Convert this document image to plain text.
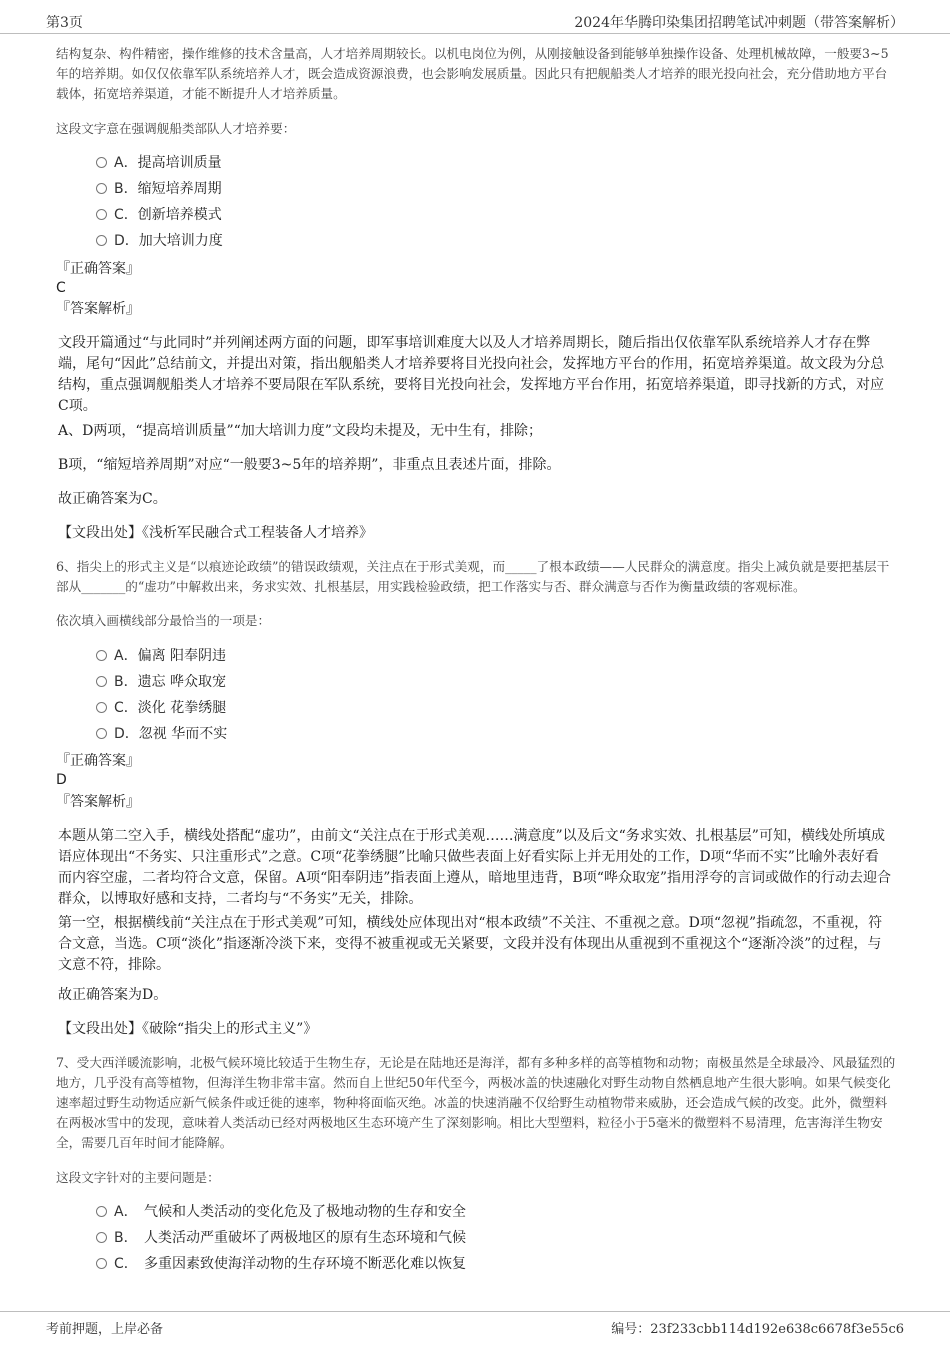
第3页	2024年华腾印染集团招聘笔试冲刺题（带答案解析）
结构复杂、构件精密，操作维修的技术含量高，人才培养周期较长。以机电岗位为例，从刚接触设备到能够单独操作设备、处理机械故障，一般要3~5年的培养期。如仅仅依靠军队系统培养人才，既会造成资源浪费，也会影响发展质量。因此只有把舰船类人才培养的眼光投向社会，充分借助地方平台载体，拓宽培养渠道，才能不断提升人才培养质量。
这段文字意在强调舰船类部队人才培养要：
A．提高培训质量
B．缩短培养周期
C．创新培养模式
D．加大培训力度
『正确答案』
C
『答案解析』
文段开篇通过“与此同时”并列阐述两方面的问题，即军事培训难度大以及人才培养周期长，随后指出仅依靠军队系统培养人才存在弊端，尾句“因此”总结前文，并提出对策，指出舰船类人才培养要将目光投向社会，发挥地方平台的作用，拓宽培养渠道。故文段为分总结构，重点强调舰船类人才培养不要局限在军队系统，要将目光投向社会，发挥地方平台作用，拓宽培养渠道，即寻找新的方式，对应C项。
A、D两项，“提高培训质量”“加大培训力度”文段均未提及，无中生有，排除；
B项，“缩短培养周期”对应“一般要3~5年的培养期”，非重点且表述片面，排除。
故正确答案为C。
【文段出处】《浅析军民融合式工程装备人才培养》
6、指尖上的形式主义是“以痕迹论政绩”的错误政绩观，关注点在于形式美观，而_____了根本政绩——人民群众的满意度。指尖上减负就是要把基层干部从_______的“虚功”中解救出来，务求实效、扎根基层，用实践检验政绩，把工作落实与否、群众满意与否作为衡量政绩的客观标准。
依次填入画横线部分最恰当的一项是：
A．偏离 阳奉阴违
B．遗忘 哗众取宠
C．淡化 花拳绣腿
D．忽视 华而不实
『正确答案』
D
『答案解析』
本题从第二空入手，横线处搭配“虚功”，由前文“关注点在于形式美观……满意度”以及后文“务求实效、扎根基层”可知，横线处所填成语应体现出“不务实、只注重形式”之意。C项“花拳绣腿”比喻只做些表面上好看实际上并无用处的工作，D项“华而不实”比喻外表好看而内容空虚，二者均符合文意，保留。A项“阳奉阴违”指表面上遵从，暗地里违背，B项“哗众取宠”指用浮夸的言词或做作的行动去迎合群众，以博取好感和支持，二者均与“不务实”无关，排除。
第一空，根据横线前“关注点在于形式美观”可知，横线处应体现出对“根本政绩”不关注、不重视之意。D项“忽视”指疏忽，不重视，符合文意，当选。C项“淡化”指逐渐冷淡下来，变得不被重视或无关紧要，文段并没有体现出从重视到不重视这个“逐渐冷淡”的过程，与文意不符，排除。
故正确答案为D。
【文段出处】《破除“指尖上的形式主义”》
7、受大西洋暖流影响，北极气候环境比较适于生物生存，无论是在陆地还是海洋，都有多种多样的高等植物和动物；南极虽然是全球最冷、风最猛烈的地方，几乎没有高等植物，但海洋生物非常丰富。然而自上世纪50年代至今，两极冰盖的快速融化对野生动物自然栖息地产生很大影响。如果气候变化速率超过野生动物适应新气候条件或迁徙的速率，物种将面临灭绝。冰盖的快速消融不仅给野生动植物带来威胁，还会造成气候的改变。此外，微塑料在两极冰雪中的发现，意味着人类活动已经对两极地区生态环境产生了深刻影响。相比大型塑料，粒径小于5毫米的微塑料不易清理，危害海洋生物安全，需要几百年时间才能降解。
这段文字针对的主要问题是：
A． 气候和人类活动的变化危及了极地动物的生存和安全
B． 人类活动严重破坏了两极地区的原有生态环境和气候
C． 多重因素致使海洋动物的生存环境不断恶化难以恢复
考前押题，上岸必备	编号：23f233cbb114d192e638c6678f3e55c6
